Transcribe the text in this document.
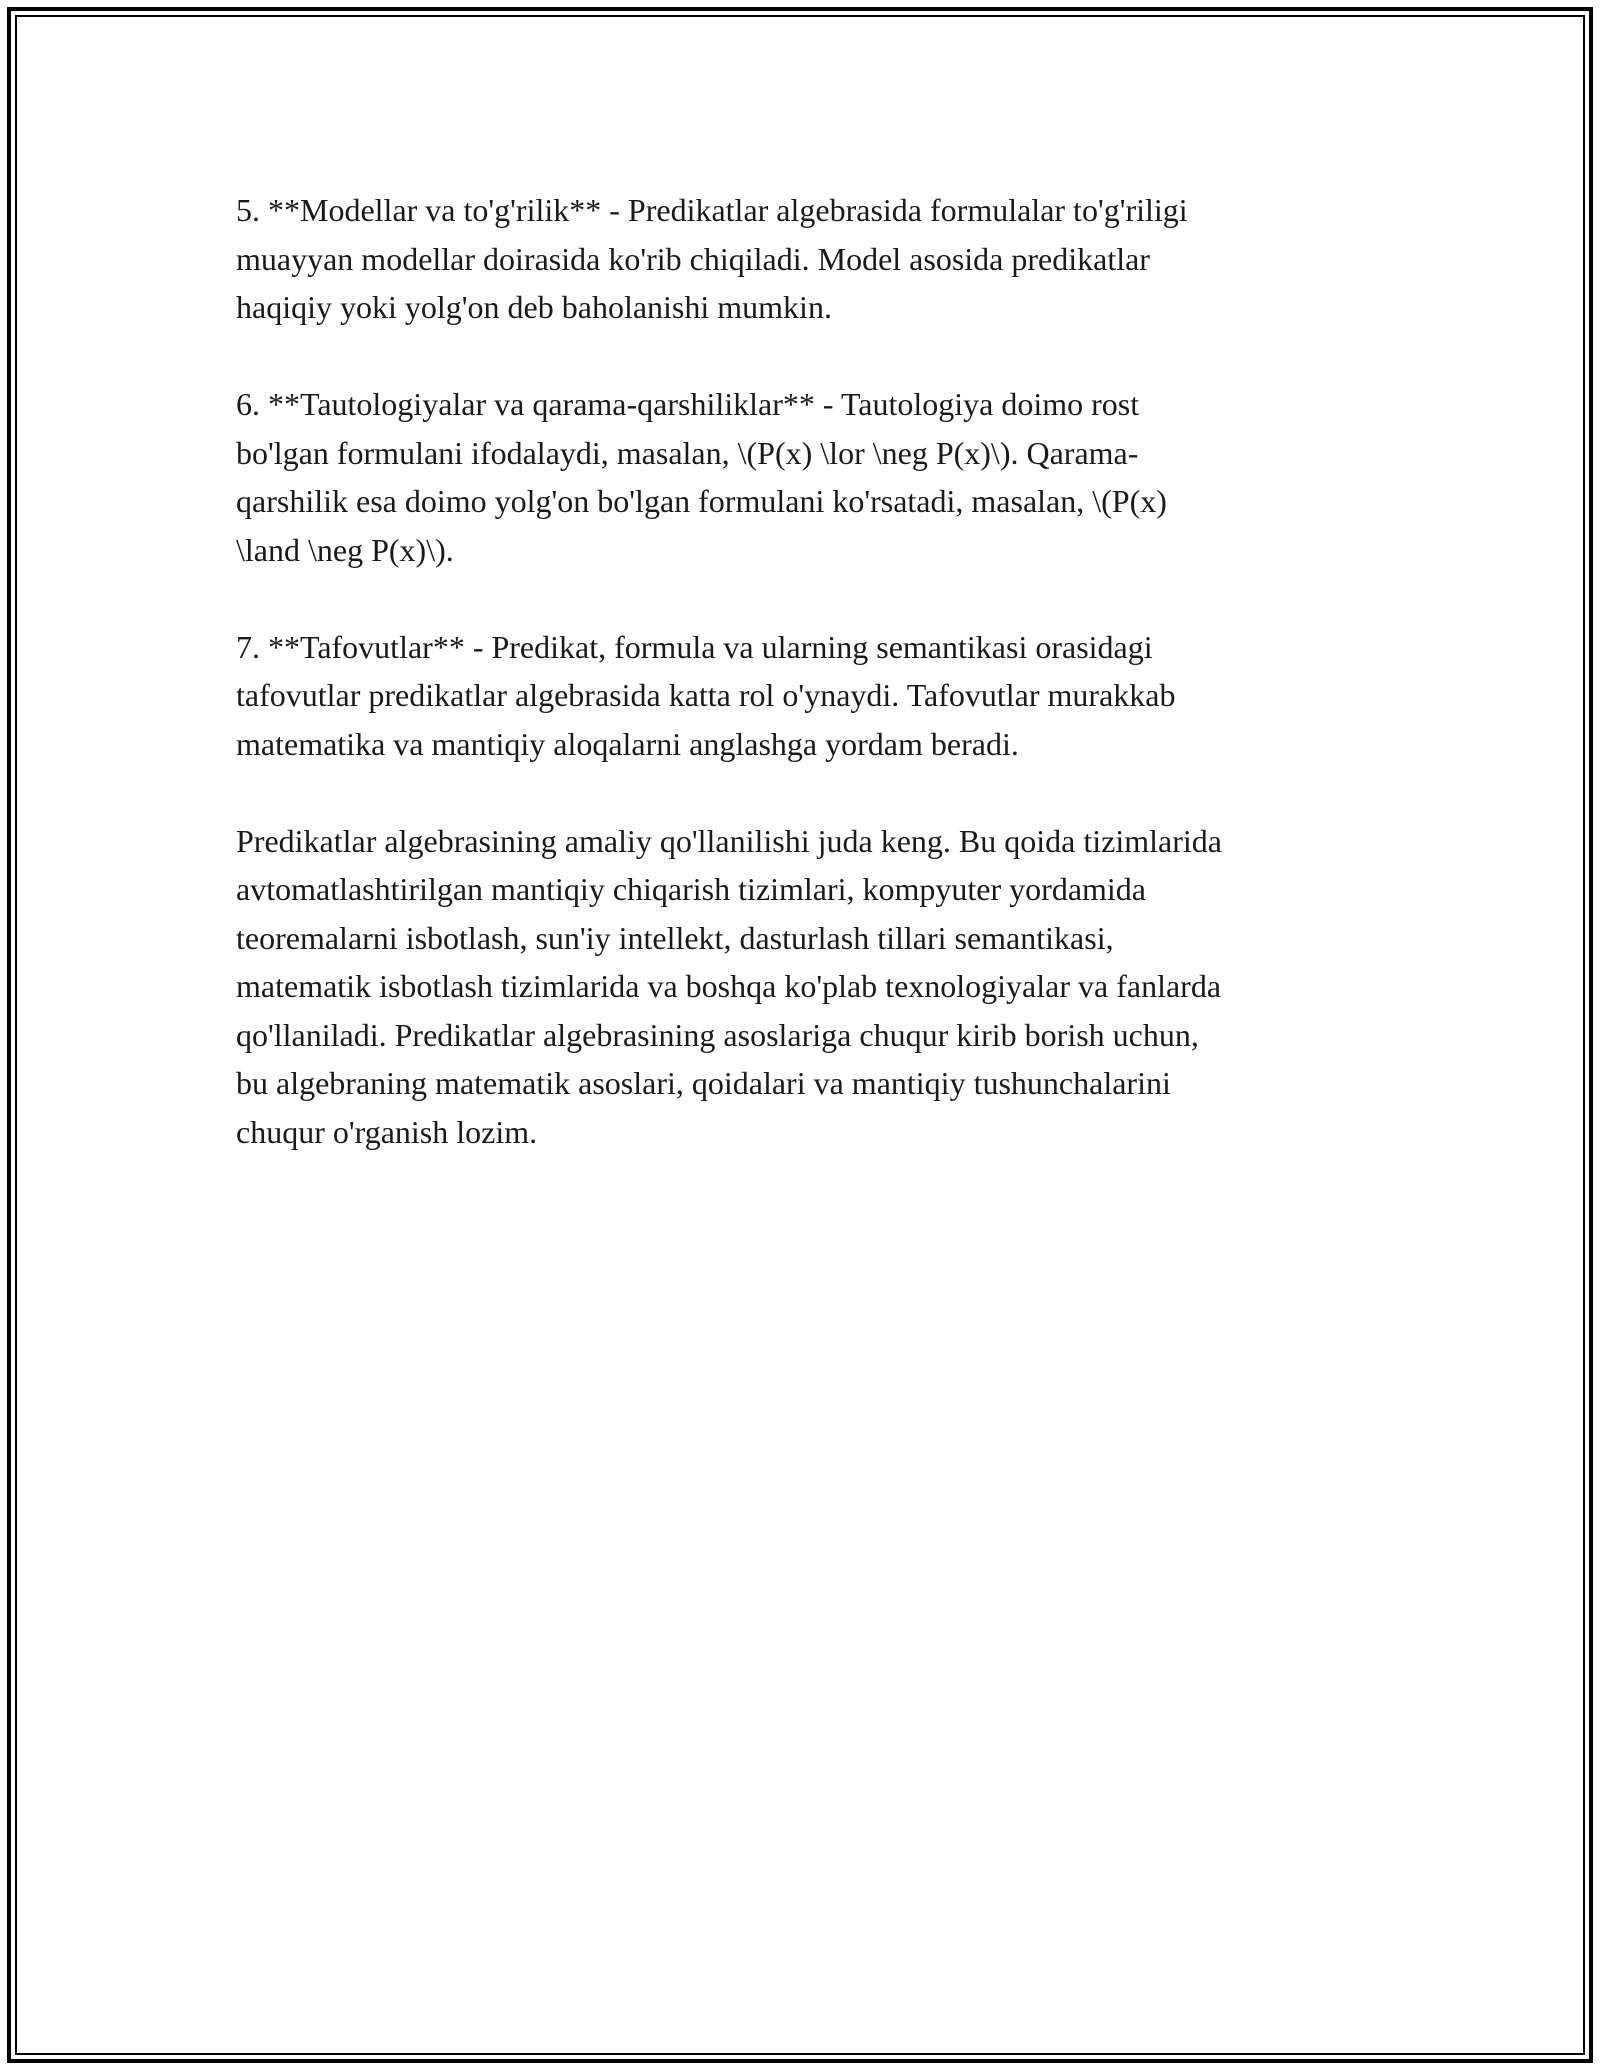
5. **Modellar va to'g'rilik** - Predikatlar algebrasida formulalar to'g'riligi
muayyan modellar doirasida ko'rib chiqiladi. Model asosida predikatlar
haqiqiy yoki yolg'on deb baholanishi mumkin.

6. **Tautologiyalar va qarama-qarshiliklar** - Tautologiya doimo rost
bo'lgan formulani ifodalaydi, masalan, \(P(x) \lor \neg P(x)\). Qarama-
qarshilik esa doimo yolg'on bo'lgan formulani ko'rsatadi, masalan, \(P(x)
\land \neg P(x)\).

7. **Tafovutlar** - Predikat, formula va ularning semantikasi orasidagi
tafovutlar predikatlar algebrasida katta rol o'ynaydi. Tafovutlar murakkab
matematika va mantiqiy aloqalarni anglashga yordam beradi.

Predikatlar algebrasining amaliy qo'llanilishi juda keng. Bu qoida tizimlarida
avtomatlashtirilgan mantiqiy chiqarish tizimlari, kompyuter yordamida
teoremalarni isbotlash, sun'iy intellekt, dasturlash tillari semantikasi,
matematik isbotlash tizimlarida va boshqa ko'plab texnologiyalar va fanlarda
qo'llaniladi. Predikatlar algebrasining asoslariga chuqur kirib borish uchun,
bu algebraning matematik asoslari, qoidalari va mantiqiy tushunchalarini
chuqur o'rganish lozim.
